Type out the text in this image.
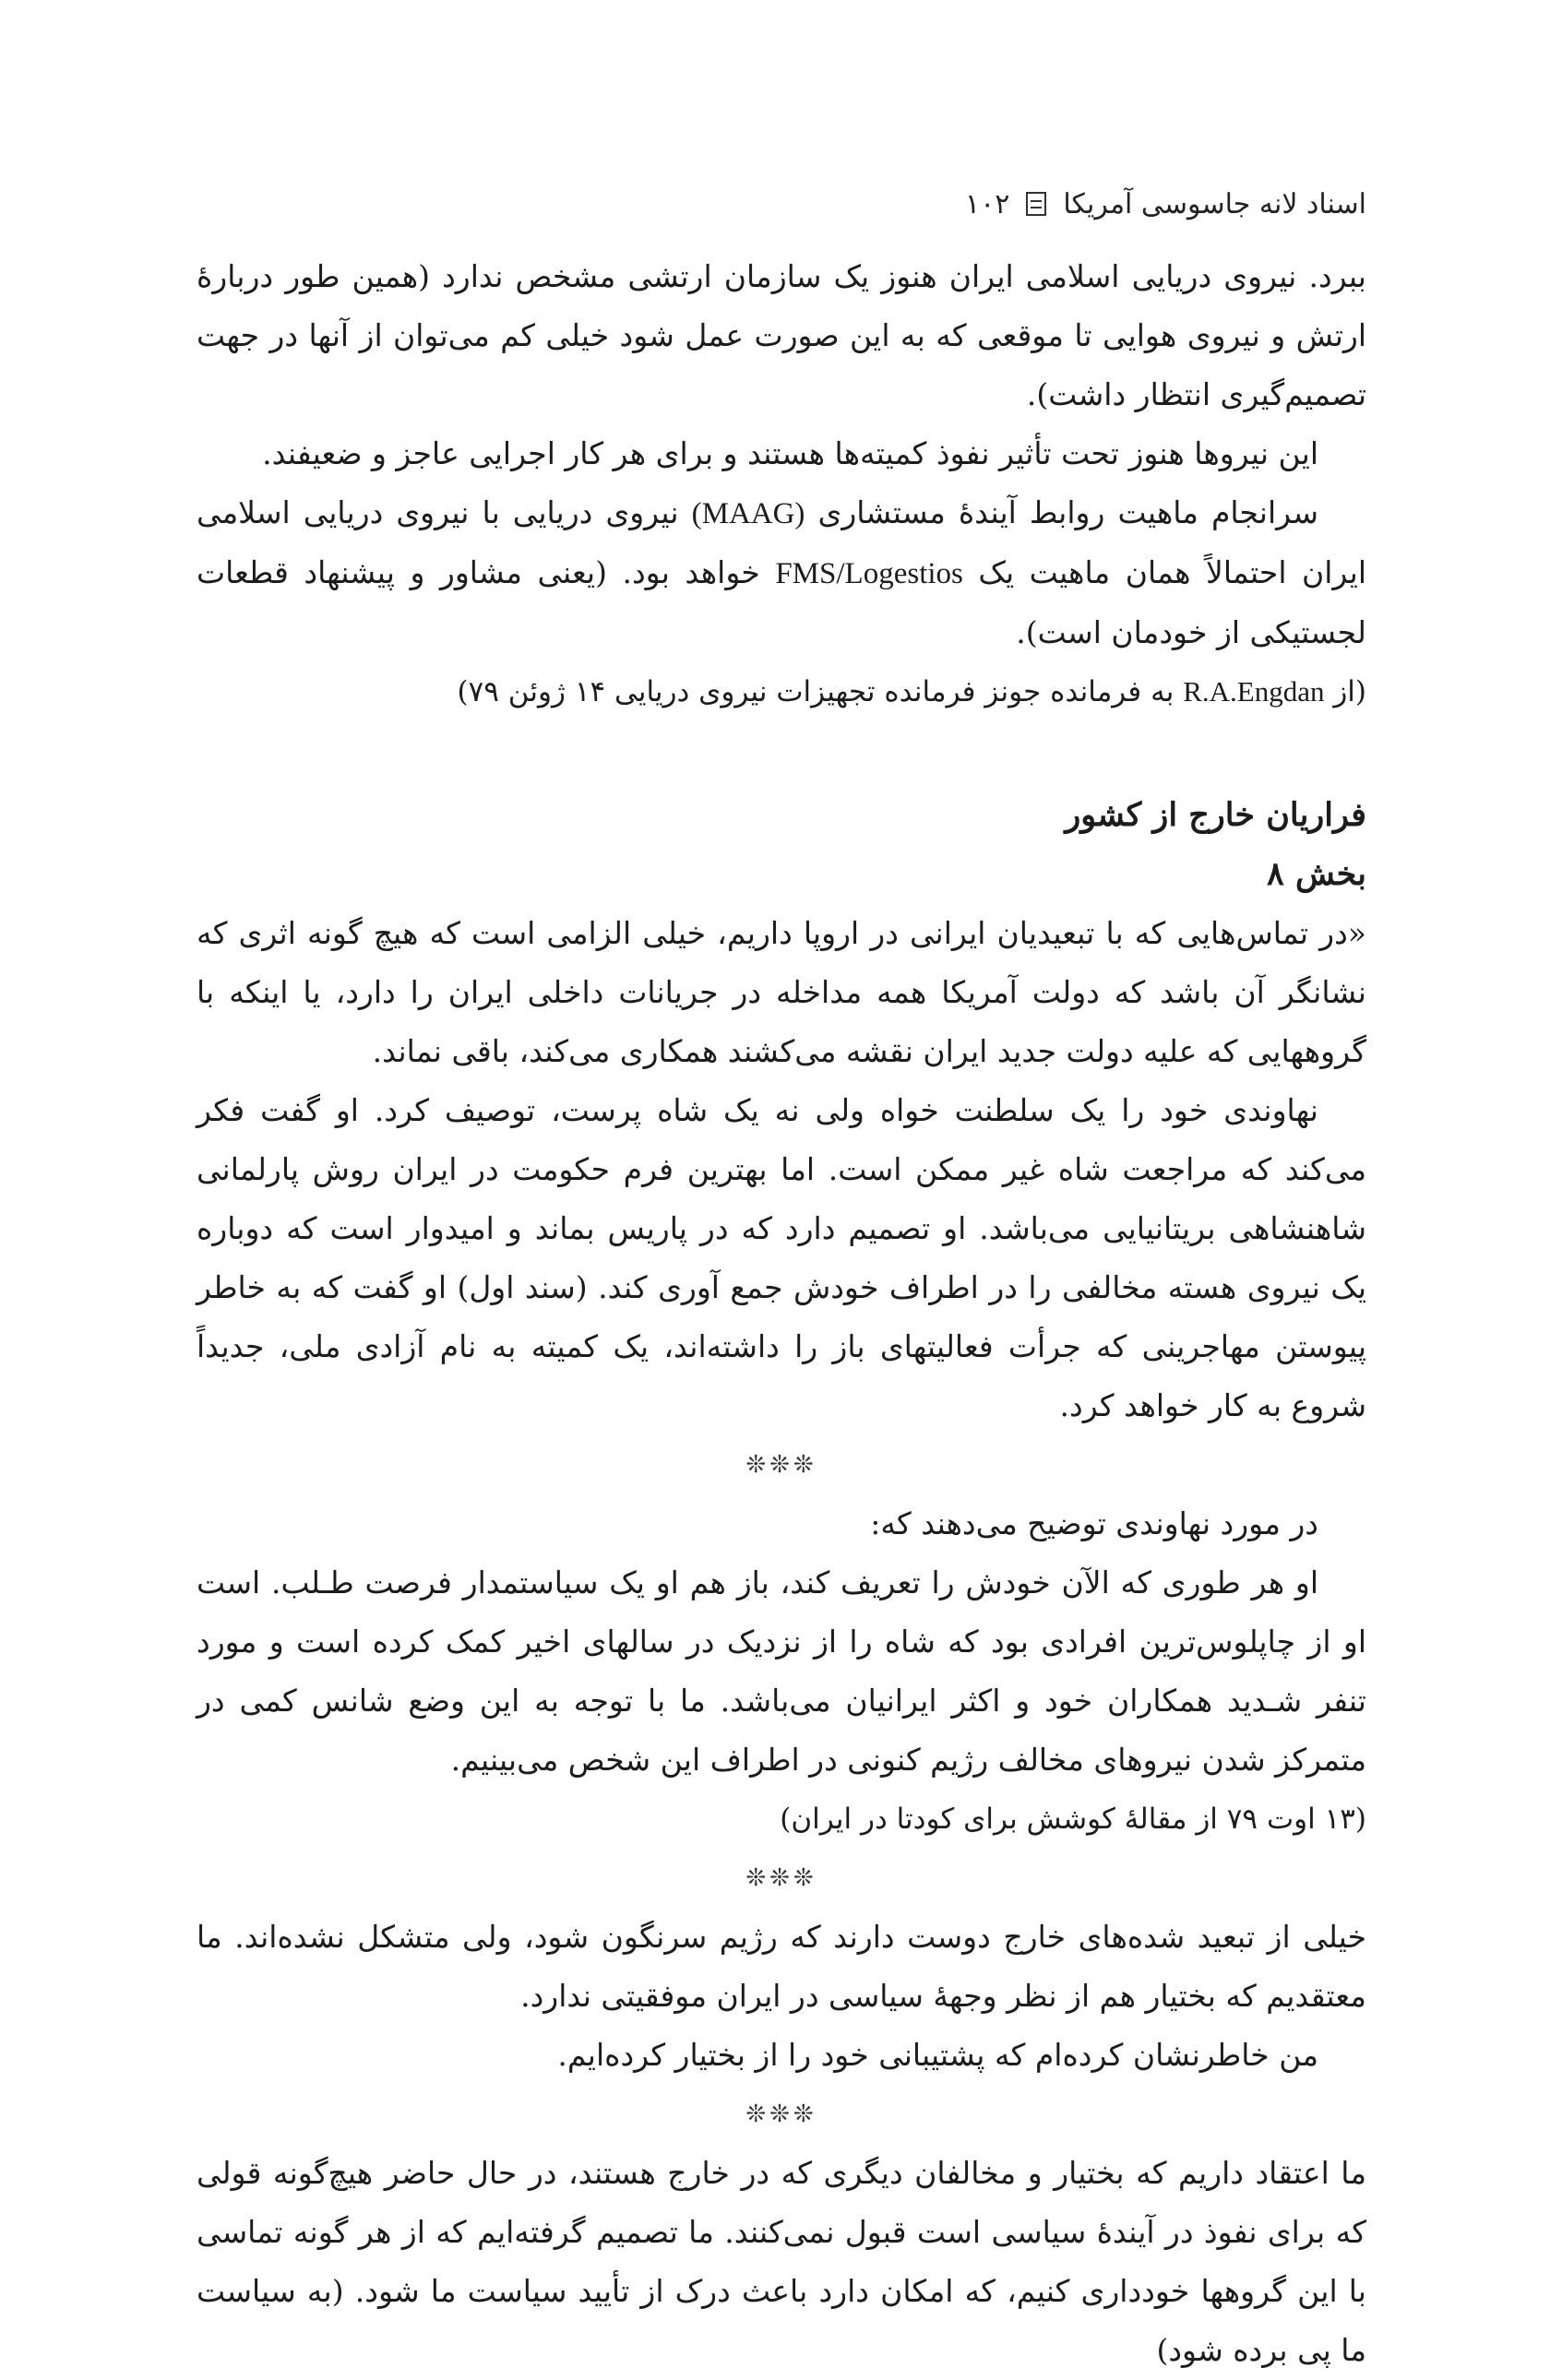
اسناد لانه جاسوسی آمریکا
۱۰۲

ببرد. نیروی دریایی اسلامی ایران هنوز یک سازمان ارتشی مشخص ندارد (همین طور دربارهٔ ارتش و نیروی هوایی تا موقعی که به این صورت عمل شود خیلی کم می‌توان از آنها در جهت تصمیم‌گیری انتظار داشت).

این نیروها هنوز تحت تأثیر نفوذ کمیته‌ها هستند و برای هر کار اجرایی عاجز و ضعیفند.

سرانجام ماهیت روابط آیندهٔ مستشاری (MAAG) نیروی دریایی با نیروی دریایی اسلامی ایران احتمالاً همان ماهیت یک FMS/Logestios خواهد بود. (یعنی مشاور و پیشنهاد قطعات لجستیکی از خودمان است).

(از R.A.Engdan به فرمانده جونز فرمانده تجهیزات نیروی دریایی ۱۴ ژوئن ۷۹)

فراریان خارج از کشور

بخش ۸

«در تماس‌هایی که با تبعیدیان ایرانی در اروپا داریم، خیلی الزامی است که هیچ گونه اثری که نشانگر آن باشد که دولت آمریکا همه مداخله در جریانات داخلی ایران را دارد، یا اینکه با گروههایی که علیه دولت جدید ایران نقشه می‌کشند همکاری می‌کند، باقی نماند.

نهاوندی خود را یک سلطنت خواه ولی نه یک شاه پرست، توصیف کرد. او گفت فکر می‌کند که مراجعت شاه غیر ممکن است. اما بهترین فرم حکومت در ایران روش پارلمانی شاهنشاهی بریتانیایی می‌باشد. او تصمیم دارد که در پاریس بماند و امیدوار است که دوباره یک نیروی هسته مخالفی را در اطراف خودش جمع آوری کند. (سند اول) او گفت که به خاطر پیوستن مهاجرینی که جرأت فعالیتهای باز را داشته‌اند، یک کمیته به نام آزادی ملی، جدیداً شروع به کار خواهد کرد.

❊❊❊

در مورد نهاوندی توضیح می‌دهند که:

او هر طوری که الآن خودش را تعریف کند، باز هم او یک سیاستمدار فرصت طـلب. است او از چاپلوس‌ترین افرادی بود که شاه را از نزدیک در سالهای اخیر کمک کرده است و مورد تنفر شـدید همکاران خود و اکثر ایرانیان می‌باشد. ما با توجه به این وضع شانس کمی در متمرکز شدن نیروهای مخالف رژیم کنونی در اطراف این شخص می‌بینیم.

(۱۳ اوت ۷۹ از مقالهٔ کوشش برای کودتا در ایران)

❊❊❊

خیلی از تبعید شده‌های خارج دوست دارند که رژیم سرنگون شود، ولی متشکل نشده‌اند. ما معتقدیم که بختیار هم از نظر وجههٔ سیاسی در ایران موفقیتی ندارد.

من خاطرنشان کرده‌ام که پشتیبانی خود را از بختیار کرده‌ایم.

❊❊❊

ما اعتقاد داریم که بختیار و مخالفان دیگری که در خارج هستند، در حال حاضر هیچ‌گونه قولی که برای نفوذ در آیندهٔ سیاسی است قبول نمی‌کنند. ما تصمیم گرفته‌ایم که از هر گونه تماسی با این گروهها خودداری کنیم، که امکان دارد باعث درک از تأیید سیاست ما شود. (به سیاست ما پی برده شود)
